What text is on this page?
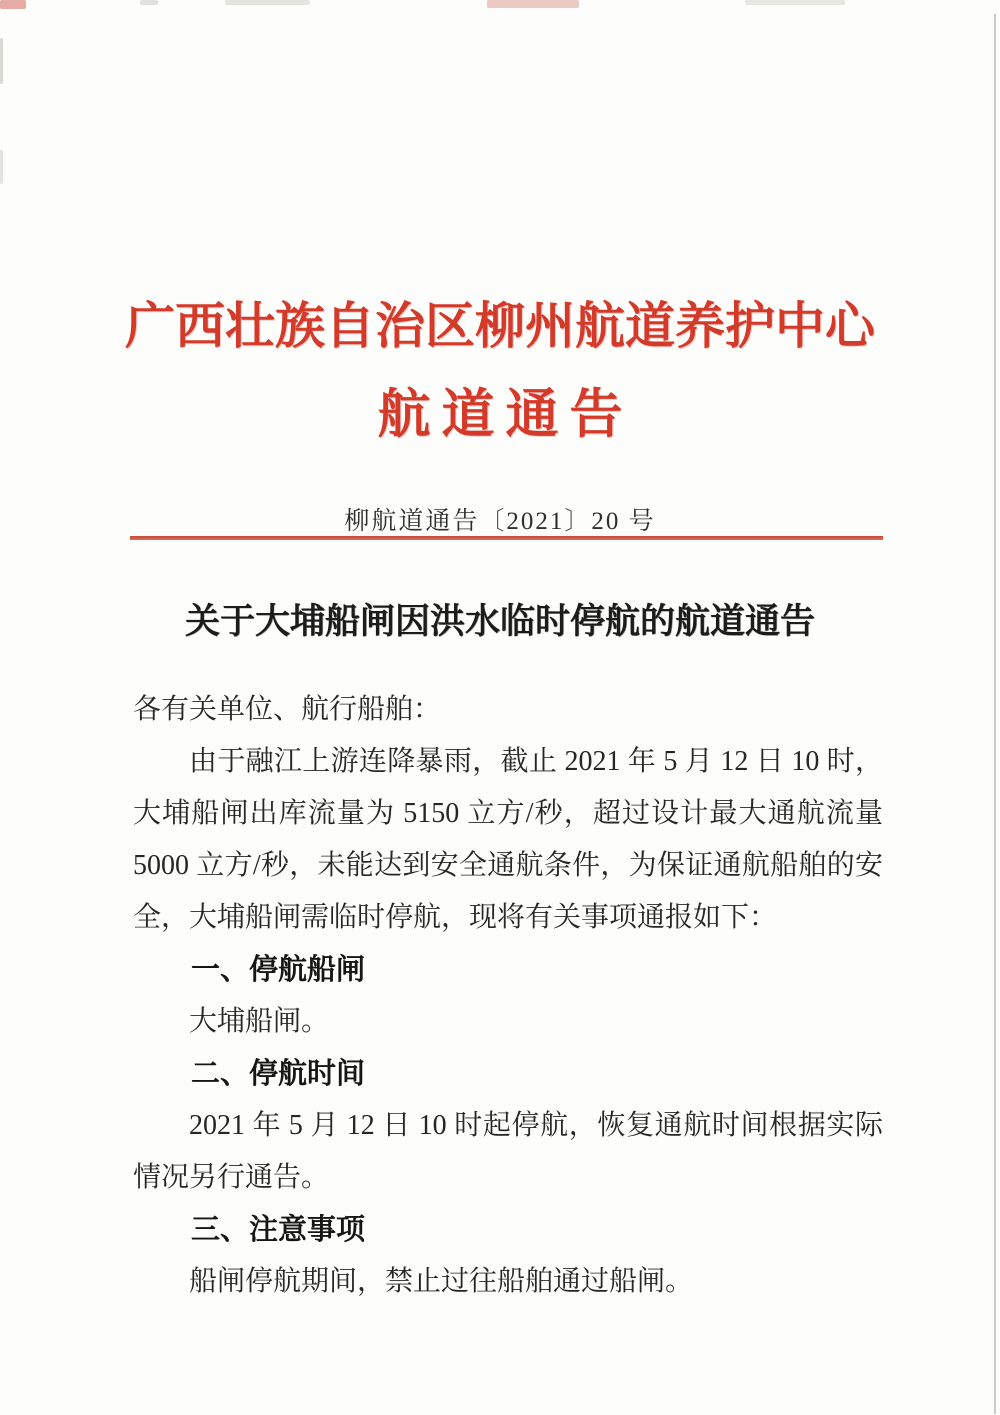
广西壮族自治区柳州航道养护中心
航道通告
柳航道通告〔2021〕20 号
关于大埔船闸因洪水临时停航的航道通告

各有关单位、航行船舶：

由于融江上游连降暴雨，截止 2021 年 5 月 12 日 10 时，大埔船闸出库流量为 5150 立方/秒，超过设计最大通航流量 5000 立方/秒，未能达到安全通航条件，为保证通航船舶的安全，大埔船闸需临时停航，现将有关事项通报如下：

一、停航船闸

大埔船闸。

二、停航时间

2021 年 5 月 12 日 10 时起停航，恢复通航时间根据实际情况另行通告。

三、注意事项

船闸停航期间，禁止过往船舶通过船闸。
